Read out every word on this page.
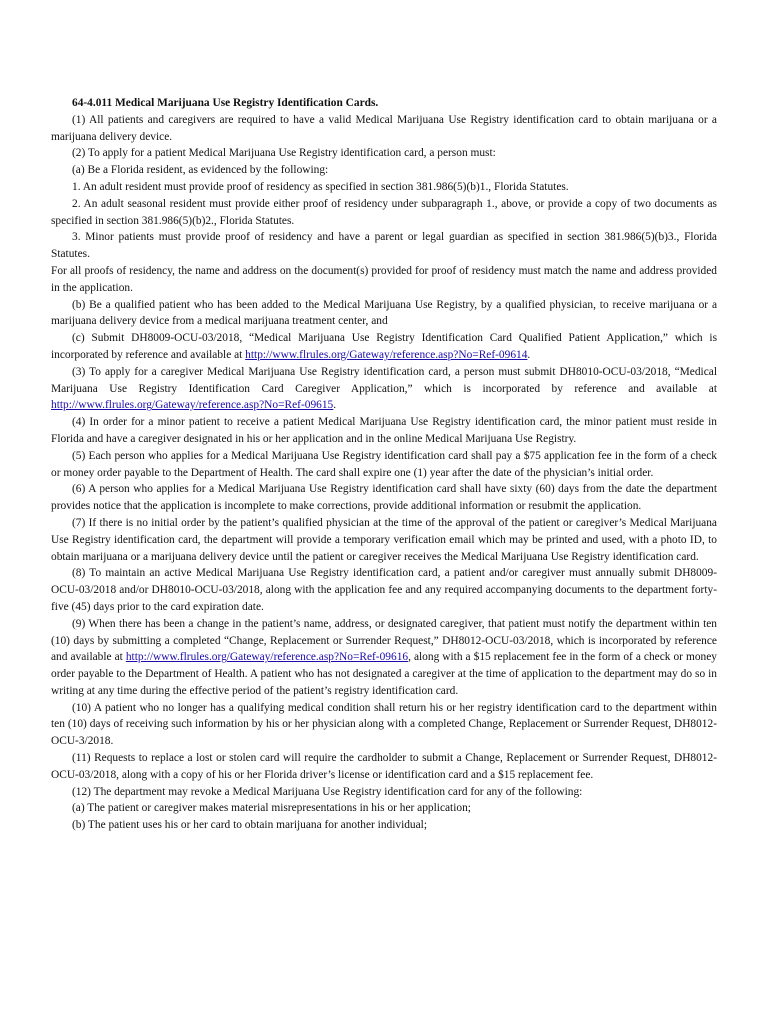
64-4.011 Medical Marijuana Use Registry Identification Cards.

(1) All patients and caregivers are required to have a valid Medical Marijuana Use Registry identification card to obtain marijuana or a marijuana delivery device.

(2) To apply for a patient Medical Marijuana Use Registry identification card, a person must:

(a) Be a Florida resident, as evidenced by the following:

1. An adult resident must provide proof of residency as specified in section 381.986(5)(b)1., Florida Statutes.

2. An adult seasonal resident must provide either proof of residency under subparagraph 1., above, or provide a copy of two documents as specified in section 381.986(5)(b)2., Florida Statutes.

3. Minor patients must provide proof of residency and have a parent or legal guardian as specified in section 381.986(5)(b)3., Florida Statutes.

For all proofs of residency, the name and address on the document(s) provided for proof of residency must match the name and address provided in the application.

(b) Be a qualified patient who has been added to the Medical Marijuana Use Registry, by a qualified physician, to receive marijuana or a marijuana delivery device from a medical marijuana treatment center, and

(c) Submit DH8009-OCU-03/2018, “Medical Marijuana Use Registry Identification Card Qualified Patient Application,” which is incorporated by reference and available at http://www.flrules.org/Gateway/reference.asp?No=Ref-09614.

(3) To apply for a caregiver Medical Marijuana Use Registry identification card, a person must submit DH8010-OCU-03/2018, “Medical Marijuana Use Registry Identification Card Caregiver Application,” which is incorporated by reference and available at http://www.flrules.org/Gateway/reference.asp?No=Ref-09615.

(4) In order for a minor patient to receive a patient Medical Marijuana Use Registry identification card, the minor patient must reside in Florida and have a caregiver designated in his or her application and in the online Medical Marijuana Use Registry.

(5) Each person who applies for a Medical Marijuana Use Registry identification card shall pay a $75 application fee in the form of a check or money order payable to the Department of Health. The card shall expire one (1) year after the date of the physician’s initial order.

(6) A person who applies for a Medical Marijuana Use Registry identification card shall have sixty (60) days from the date the department provides notice that the application is incomplete to make corrections, provide additional information or resubmit the application.

(7) If there is no initial order by the patient’s qualified physician at the time of the approval of the patient or caregiver’s Medical Marijuana Use Registry identification card, the department will provide a temporary verification email which may be printed and used, with a photo ID, to obtain marijuana or a marijuana delivery device until the patient or caregiver receives the Medical Marijuana Use Registry identification card.

(8) To maintain an active Medical Marijuana Use Registry identification card, a patient and/or caregiver must annually submit DH8009-OCU-03/2018 and/or DH8010-OCU-03/2018, along with the application fee and any required accompanying documents to the department forty-five (45) days prior to the card expiration date.

(9) When there has been a change in the patient’s name, address, or designated caregiver, that patient must notify the department within ten (10) days by submitting a completed “Change, Replacement or Surrender Request,” DH8012-OCU-03/2018, which is incorporated by reference and available at http://www.flrules.org/Gateway/reference.asp?No=Ref-09616, along with a $15 replacement fee in the form of a check or money order payable to the Department of Health. A patient who has not designated a caregiver at the time of application to the department may do so in writing at any time during the effective period of the patient’s registry identification card.

(10) A patient who no longer has a qualifying medical condition shall return his or her registry identification card to the department within ten (10) days of receiving such information by his or her physician along with a completed Change, Replacement or Surrender Request, DH8012-OCU-3/2018.

(11) Requests to replace a lost or stolen card will require the cardholder to submit a Change, Replacement or Surrender Request, DH8012-OCU-03/2018, along with a copy of his or her Florida driver’s license or identification card and a $15 replacement fee.

(12) The department may revoke a Medical Marijuana Use Registry identification card for any of the following:

(a) The patient or caregiver makes material misrepresentations in his or her application;

(b) The patient uses his or her card to obtain marijuana for another individual;
